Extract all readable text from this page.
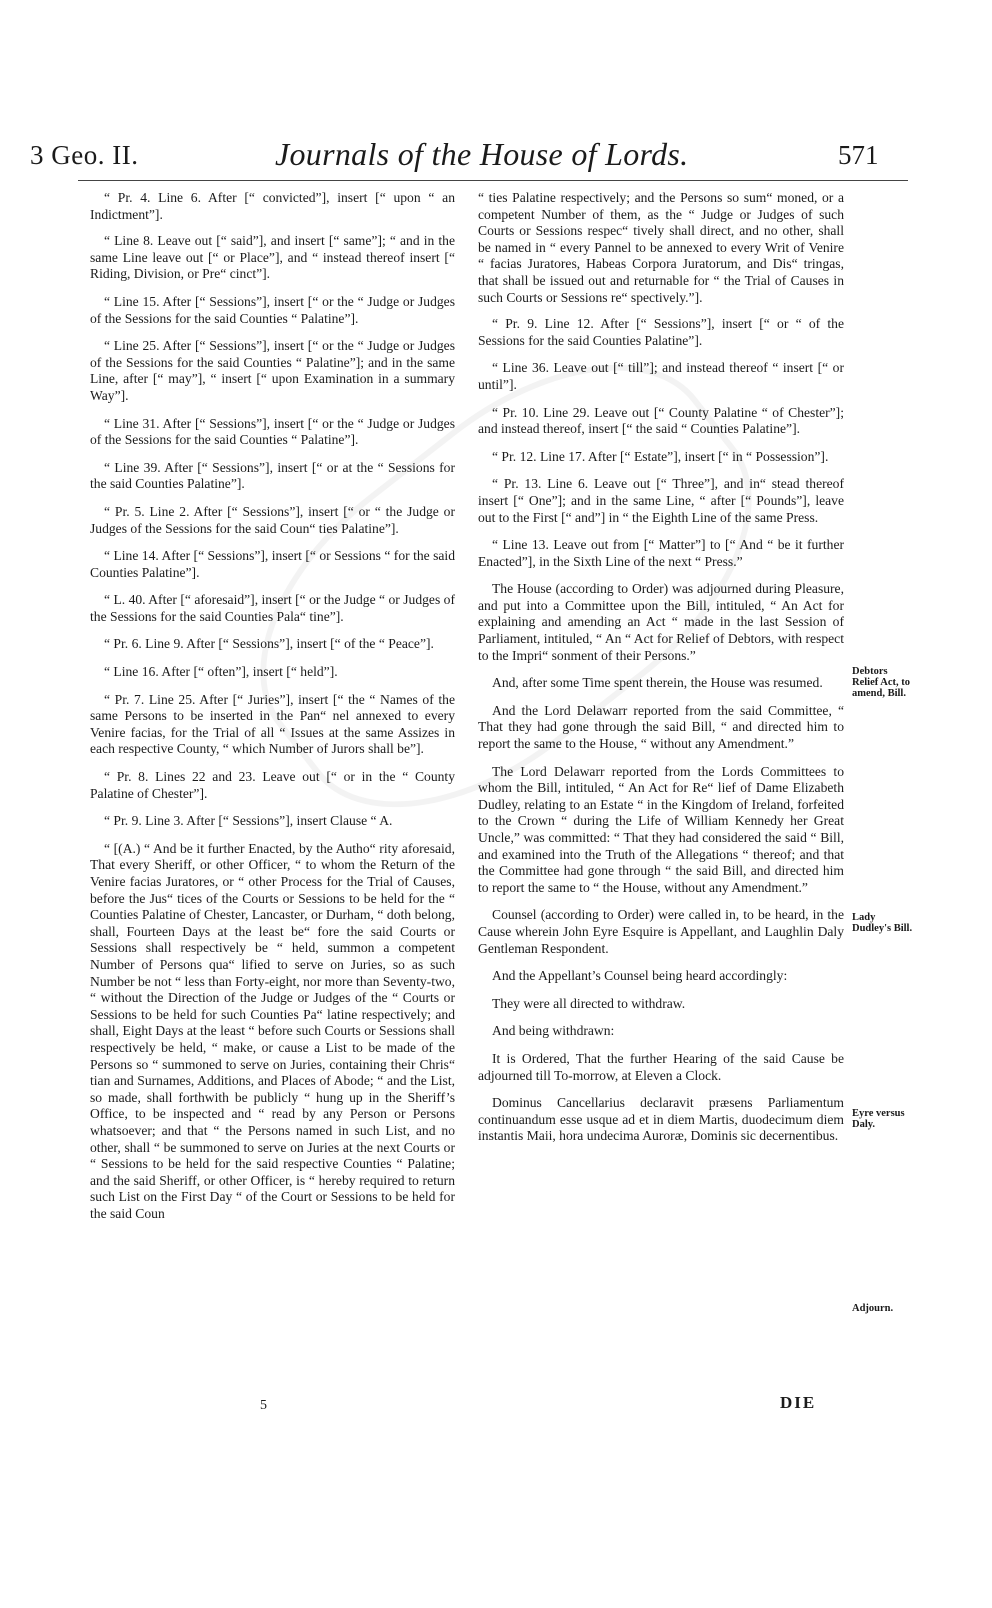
3 Geo. II.	Journals of the House of Lords.	571

“ Pr. 4. Line 6. After [“ convicted”], insert [“ upon “ an Indictment”].

“ Line 8. Leave out [“ said”], and insert [“ same”]; “ and in the same Line leave out [“ or Place”], and “ instead thereof insert [“ Riding, Division, or Pre“ cinct”].

“ Line 15. After [“ Sessions”], insert [“ or the “ Judge or Judges of the Sessions for the said Counties “ Palatine”].

“ Line 25. After [“ Sessions”], insert [“ or the “ Judge or Judges of the Sessions for the said Counties “ Palatine”]; and in the same Line, after [“ may”], “ insert [“ upon Examination in a summary Way”].

“ Line 31. After [“ Sessions”], insert [“ or the “ Judge or Judges of the Sessions for the said Counties “ Palatine”].

“ Line 39. After [“ Sessions”], insert [“ or at the “ Sessions for the said Counties Palatine”].

“ Pr. 5. Line 2. After [“ Sessions”], insert [“ or “ the Judge or Judges of the Sessions for the said Coun“ ties Palatine”].

“ Line 14. After [“ Sessions”], insert [“ or Sessions “ for the said Counties Palatine”].

“ L. 40. After [“ aforesaid”], insert [“ or the Judge “ or Judges of the Sessions for the said Counties Pala“ tine”].

“ Pr. 6. Line 9. After [“ Sessions”], insert [“ of the “ Peace”].

“ Line 16. After [“ often”], insert [“ held”].

“ Pr. 7. Line 25. After [“ Juries”], insert [“ the “ Names of the same Persons to be inserted in the Pan“ nel annexed to every Venire facias, for the Trial of all “ Issues at the same Assizes in each respective County, “ which Number of Jurors shall be”].

“ Pr. 8. Lines 22 and 23. Leave out [“ or in the “ County Palatine of Chester”].

“ Pr. 9. Line 3. After [“ Sessions”], insert Clause “ A.

“ [(A.) “ And be it further Enacted, by the Autho“ rity aforesaid, That every Sheriff, or other Officer, “ to whom the Return of the Venire facias Juratores, or “ other Process for the Trial of Causes, before the Jus“ tices of the Courts or Sessions to be held for the “ Counties Palatine of Chester, Lancaster, or Durham, “ doth belong, shall, Fourteen Days at the least be“ fore the said Courts or Sessions shall respectively be “ held, summon a competent Number of Persons qua“ lified to serve on Juries, so as such Number be not “ less than Forty-eight, nor more than Seventy-two, “ without the Direction of the Judge or Judges of the “ Courts or Sessions to be held for such Counties Pa“ latine respectively; and shall, Eight Days at the least “ before such Courts or Sessions shall respectively be held, “ make, or cause a List to be made of the Persons so “ summoned to serve on Juries, containing their Chris“ tian and Surnames, Additions, and Places of Abode; “ and the List, so made, shall forthwith be publicly “ hung up in the Sheriff’s Office, to be inspected and “ read by any Person or Persons whatsoever; and that “ the Persons named in such List, and no other, shall “ be summoned to serve on Juries at the next Courts or “ Sessions to be held for the said respective Counties “ Palatine; and the said Sheriff, or other Officer, is “ hereby required to return such List on the First Day “ of the Court or Sessions to be held for the said Coun

“ ties Palatine respectively; and the Persons so sum“ moned, or a competent Number of them, as the “ Judge or Judges of such Courts or Sessions respec“ tively shall direct, and no other, shall be named in “ every Pannel to be annexed to every Writ of Venire “ facias Juratores, Habeas Corpora Juratorum, and Dis“ tringas, that shall be issued out and returnable for “ the Trial of Causes in such Courts or Sessions re“ spectively.”].

“ Pr. 9. Line 12. After [“ Sessions”], insert [“ or “ of the Sessions for the said Counties Palatine”].

“ Line 36. Leave out [“ till”]; and instead thereof “ insert [“ or until”].

“ Pr. 10. Line 29. Leave out [“ County Palatine “ of Chester”]; and instead thereof, insert [“ the said “ Counties Palatine”].

“ Pr. 12. Line 17. After [“ Estate”], insert [“ in “ Possession”].

“ Pr. 13. Line 6. Leave out [“ Three”], and in“ stead thereof insert [“ One”]; and in the same Line, “ after [“ Pounds”], leave out to the First [“ and”] in “ the Eighth Line of the same Press.

“ Line 13. Leave out from [“ Matter”] to [“ And “ be it further Enacted”], in the Sixth Line of the next “ Press.”

The House (according to Order) was adjourned during Pleasure, and put into a Committee upon the Bill, intituled, “ An Act for explaining and amending an Act “ made in the last Session of Parliament, intituled, “ An “ Act for Relief of Debtors, with respect to the Impri“ sonment of their Persons.”

And, after some Time spent therein, the House was resumed.

And the Lord Delawarr reported from the said Committee, “ That they had gone through the said Bill, “ and directed him to report the same to the House, “ without any Amendment.”

The Lord Delawarr reported from the Lords Committees to whom the Bill, intituled, “ An Act for Re“ lief of Dame Elizabeth Dudley, relating to an Estate “ in the Kingdom of Ireland, forfeited to the Crown “ during the Life of William Kennedy her Great Uncle,” was committed: “ That they had considered the said “ Bill, and examined into the Truth of the Allegations “ thereof; and that the Committee had gone through “ the said Bill, and directed him to report the same to “ the House, without any Amendment.”

Counsel (according to Order) were called in, to be heard, in the Cause wherein John Eyre Esquire is Appellant, and Laughlin Daly Gentleman Respondent.

And the Appellant’s Counsel being heard accordingly:

They were all directed to withdraw.

And being withdrawn:

It is Ordered, That the further Hearing of the said Cause be adjourned till To-morrow, at Eleven a Clock.

Dominus Cancellarius declaravit præsens Parliamentum continuandum esse usque ad et in diem Martis, duodecimum diem instantis Maii, hora undecima Auroræ, Dominis sic decernentibus.

Debtors Relief Act, to amend, Bill.
Lady Dudley's Bill.
Eyre versus Daly.
Adjourn.
5	DIE
